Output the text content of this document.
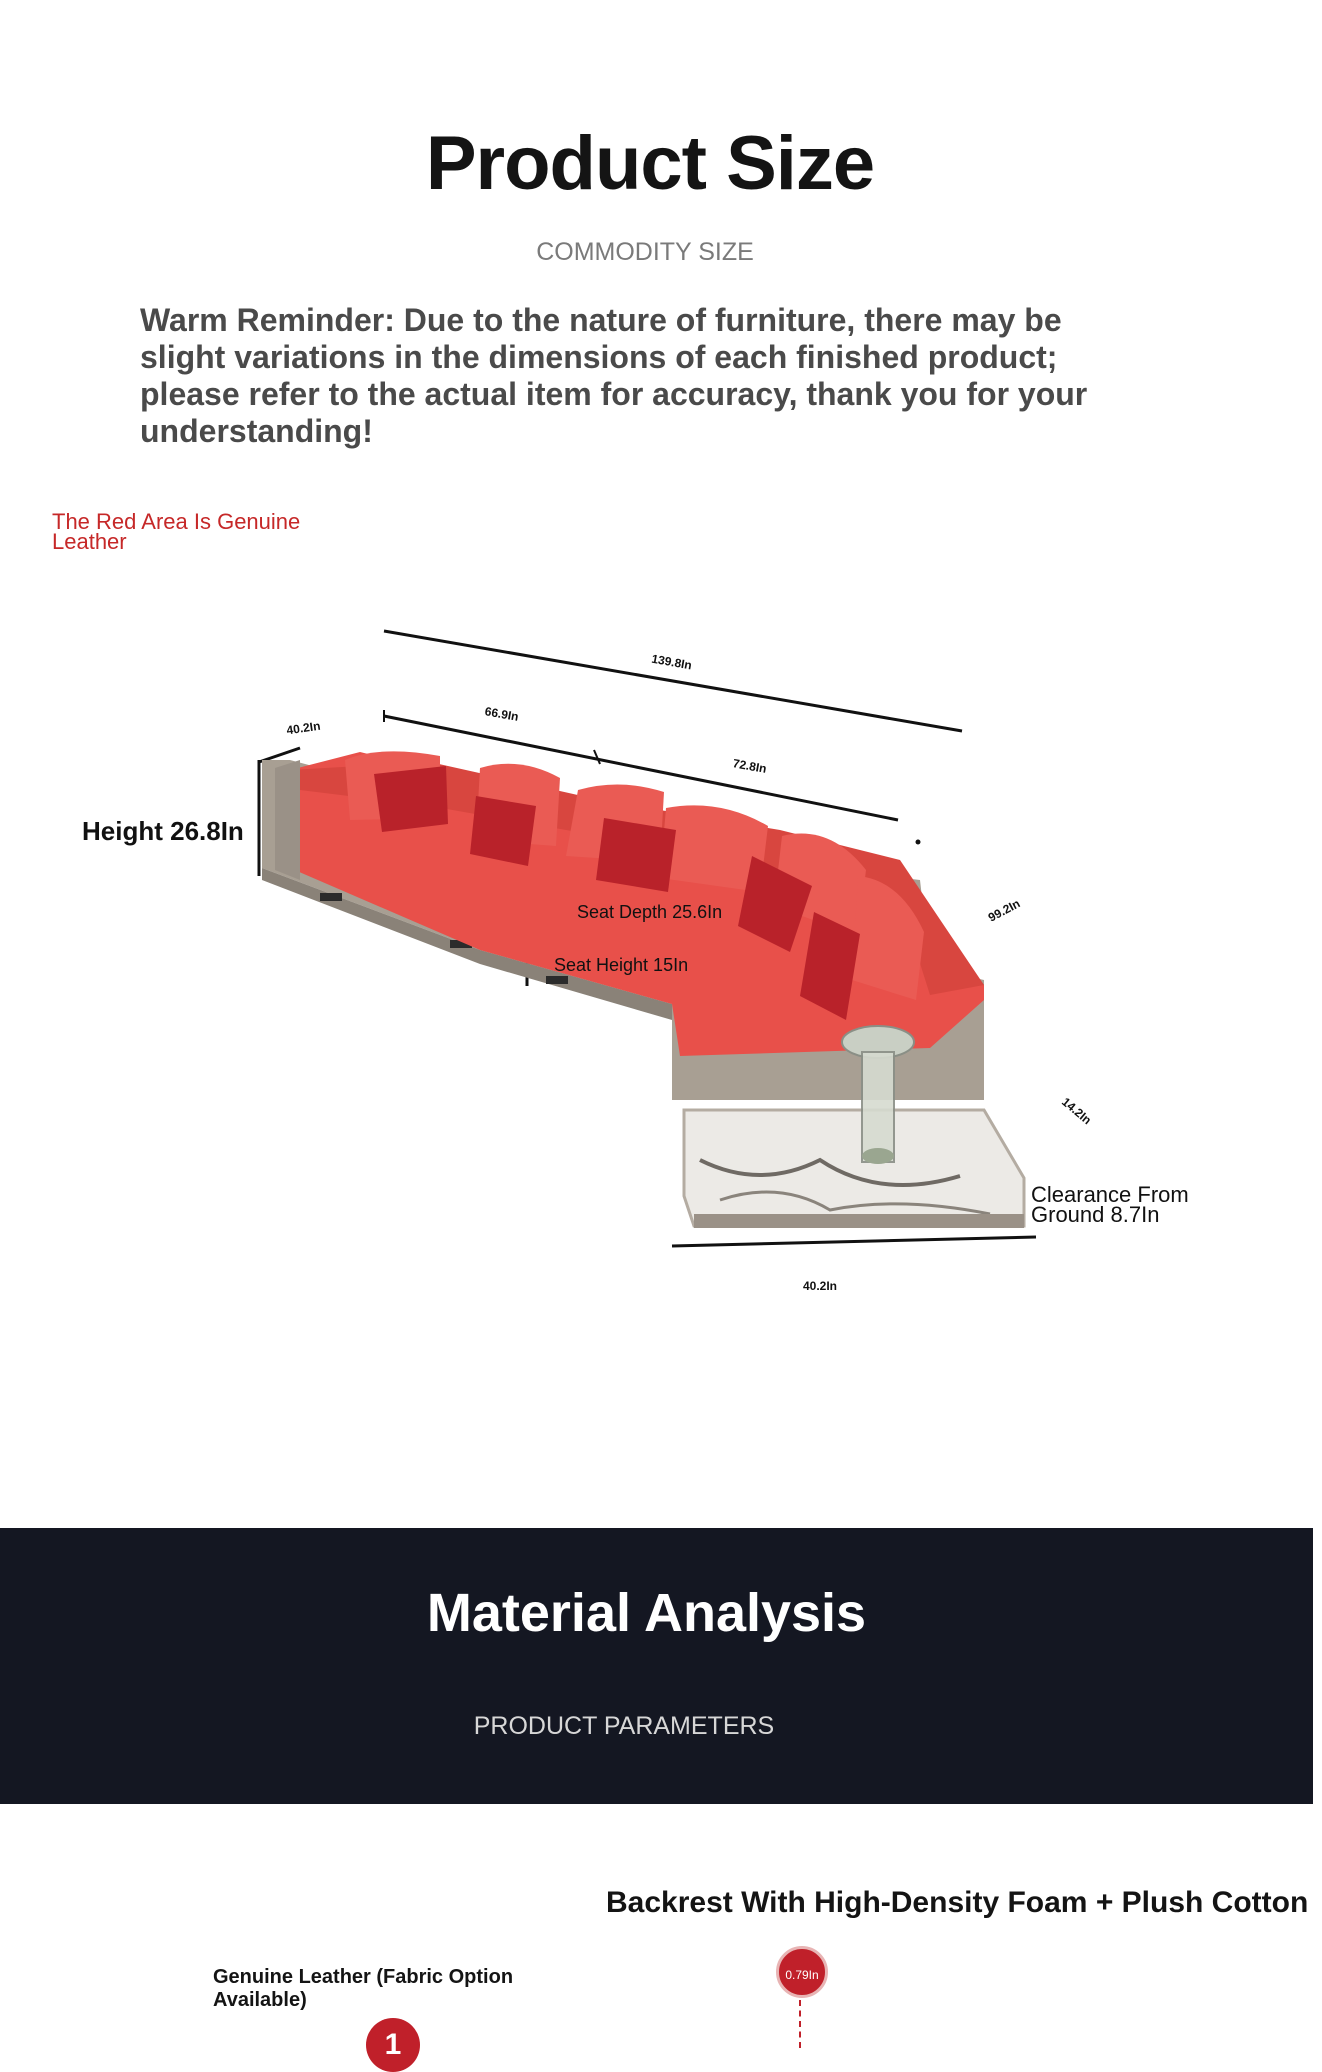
Product Size
COMMODITY SIZE
Warm Reminder: Due to the nature of furniture, there may be slight variations in the dimensions of each finished product; please refer to the actual item for accuracy, thank you for your understanding!
The Red Area Is Genuine Leather
139.8In
40.2In
66.9In
72.8In
99.2In
14.2In
40.2In
Seat Depth 25.6In
Seat Height 15In
Height 26.8In
Clearance From Ground 8.7In
Material Analysis
PRODUCT PARAMETERS
Backrest With High-Density Foam + Plush Cotton
Genuine Leather (Fabric Option Available)
0.79In
1
